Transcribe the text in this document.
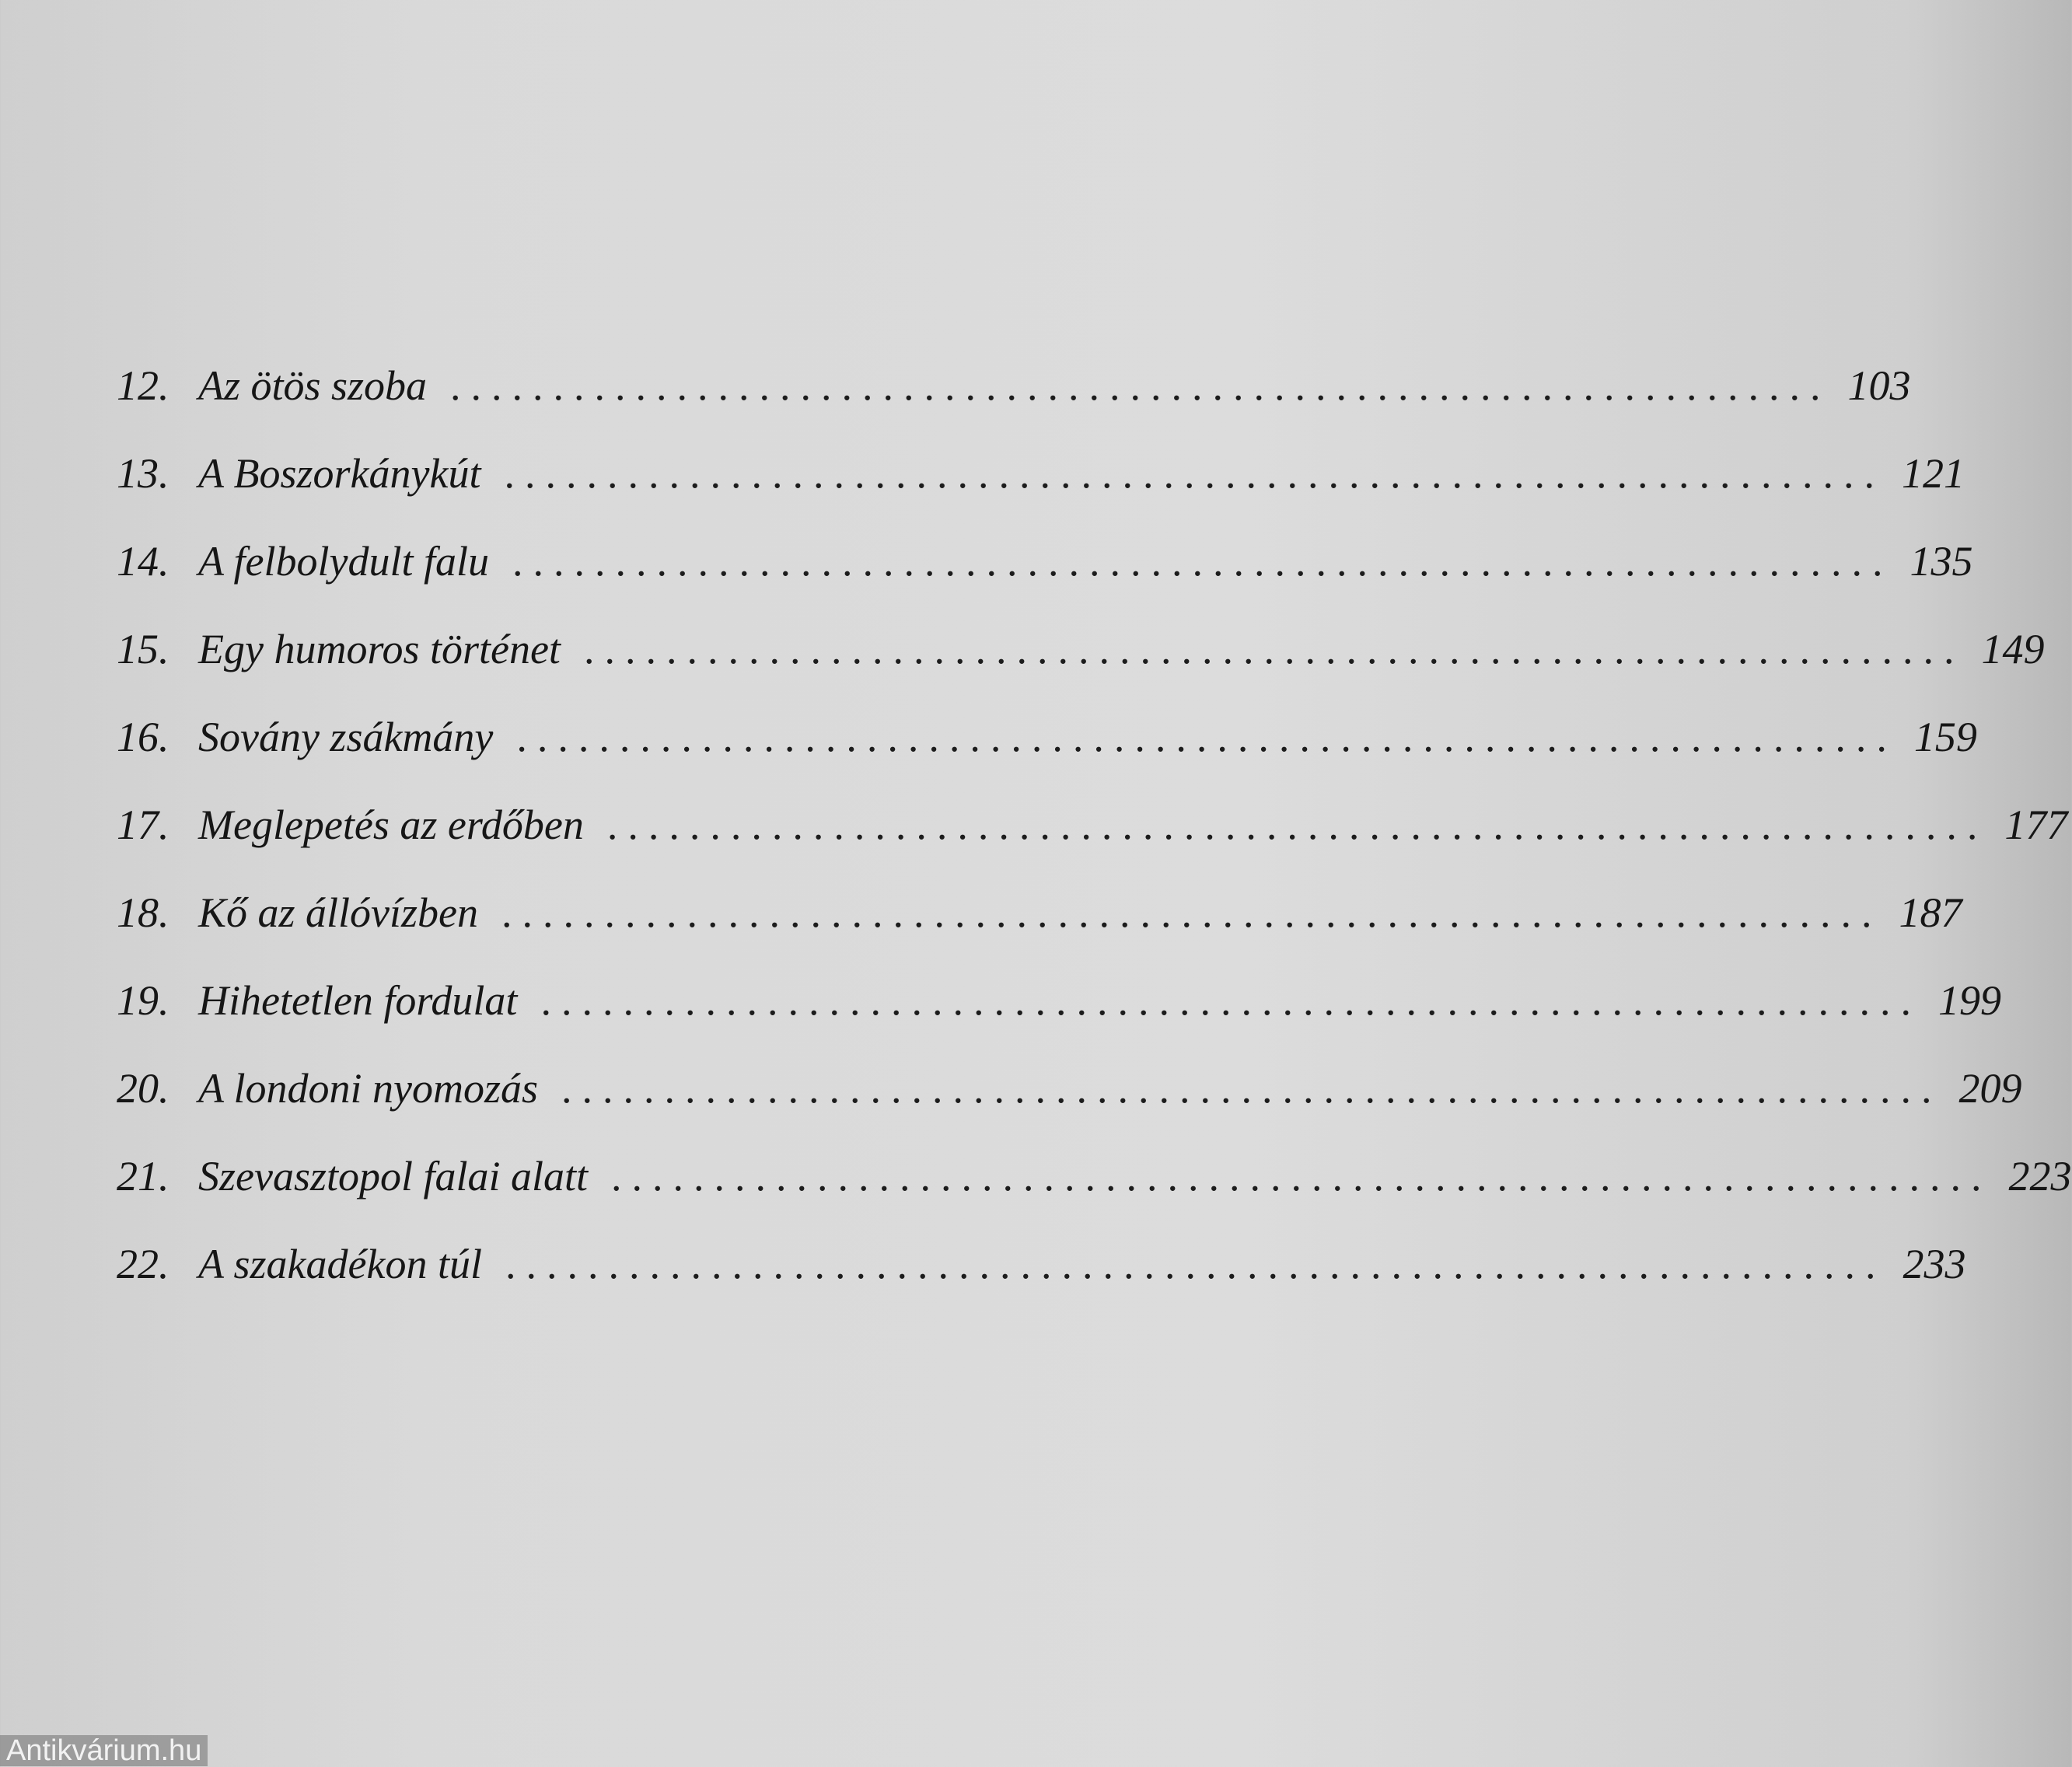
12. Az ötös szoba ................................................................... 103
13. A Boszorkánykút ................................................................... 121
14. A felbolydult falu ................................................................... 135
15. Egy humoros történet ................................................................... 149
16. Sovány zsákmány ................................................................... 159
17. Meglepetés az erdőben ................................................................... 177
18. Kő az állóvízben ................................................................... 187
19. Hihetetlen fordulat ................................................................... 199
20. A londoni nyomozás ................................................................... 209
21. Szevasztopol falai alatt ................................................................... 223
22. A szakadékon túl ................................................................... 233
Antikvárium.hu
